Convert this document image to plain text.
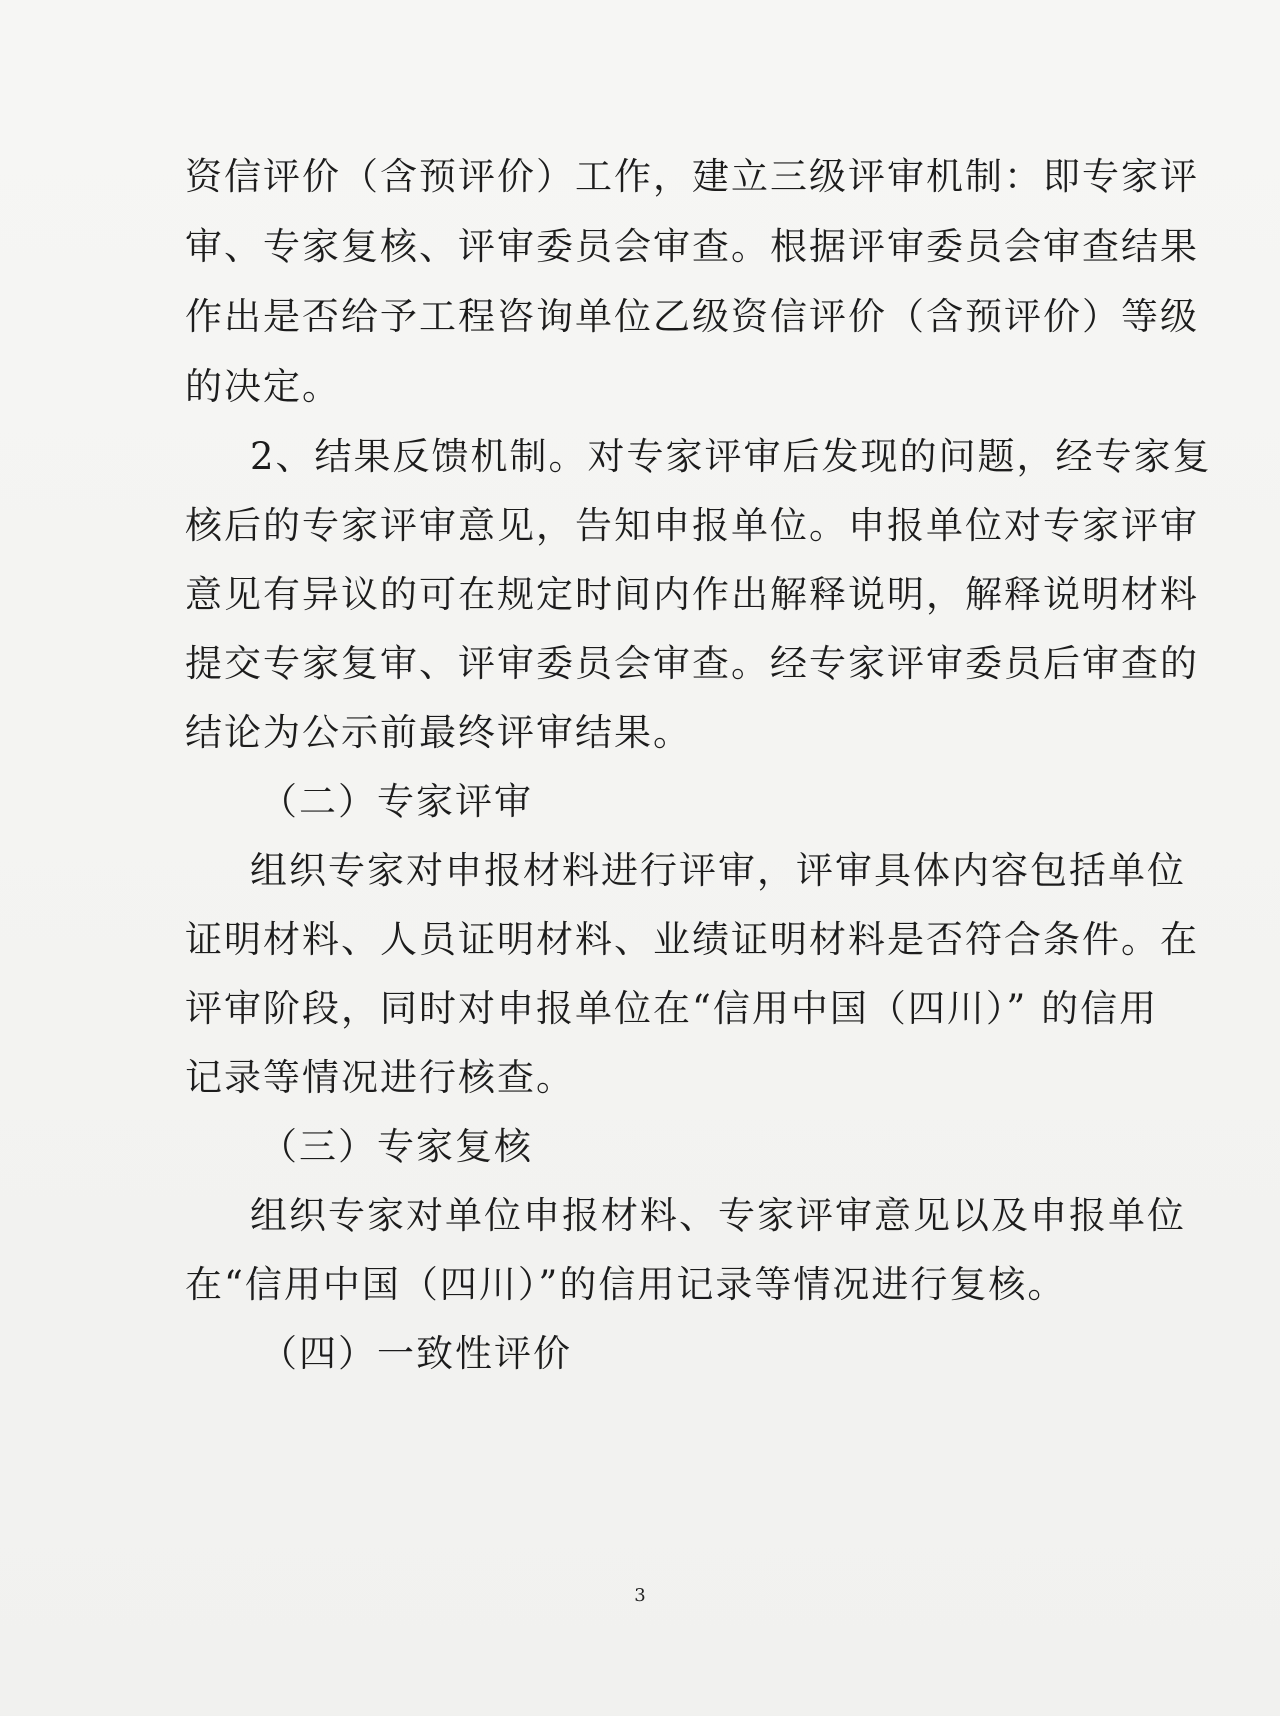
资信评价（含预评价）工作，建立三级评审机制：即专家评
审、专家复核、评审委员会审查。根据评审委员会审查结果
作出是否给予工程咨询单位乙级资信评价（含预评价）等级
的决定。
2、结果反馈机制。对专家评审后发现的问题，经专家复
核后的专家评审意见，告知申报单位。申报单位对专家评审
意见有异议的可在规定时间内作出解释说明，解释说明材料
提交专家复审、评审委员会审查。经专家评审委员后审查的
结论为公示前最终评审结果。
（二）专家评审
组织专家对申报材料进行评审，评审具体内容包括单位
证明材料、人员证明材料、业绩证明材料是否符合条件。在
评审阶段，同时对申报单位在“信用中国（四川）” 的信用
记录等情况进行核查。
（三）专家复核
组织专家对单位申报材料、专家评审意见以及申报单位
在“信用中国（四川）”的信用记录等情况进行复核。
（四）一致性评价
3
